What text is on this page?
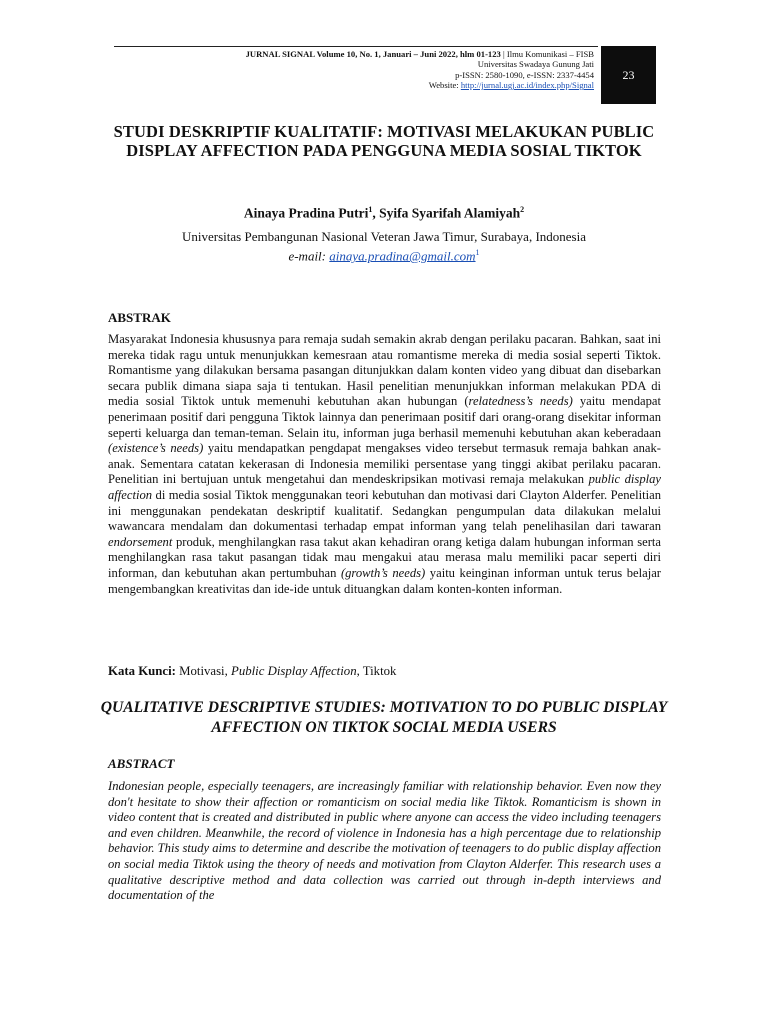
JURNAL SIGNAL Volume 10, No. 1, Januari – Juni 2022, hlm 01-123 | Ilmu Komunikasi – FISB
Universitas Swadaya Gunung Jati
p-ISSN: 2580-1090, e-ISSN: 2337-4454
Website: http://jurnal.ugj.ac.id/index.php/Signal
23
STUDI DESKRIPTIF KUALITATIF: MOTIVASI MELAKUKAN PUBLIC DISPLAY AFFECTION PADA PENGGUNA MEDIA SOSIAL TIKTOK
Ainaya Pradina Putri$^1$, Syifa Syarifah Alamiyah$^2$
Universitas Pembangunan Nasional Veteran Jawa Timur, Surabaya, Indonesia
e-mail: ainaya.pradina@gmail.com$^1$
ABSTRAK
Masyarakat Indonesia khususnya para remaja sudah semakin akrab dengan perilaku pacaran. Bahkan, saat ini mereka tidak ragu untuk menunjukkan kemesraan atau romantisme mereka di media sosial seperti Tiktok. Romantisme yang dilakukan bersama pasangan ditunjukkan dalam konten video yang dibuat dan disebarkan secara publik dimana siapa saja ti tentukan. Hasil penelitian menunjukkan informan melakukan PDA di media sosial Tiktok untuk memenuhi kebutuhan akan hubungan (relatedness’s needs) yaitu mendapat penerimaan positif dari pengguna Tiktok lainnya dan penerimaan positif dari orang-orang disekitar informan seperti keluarga dan teman-teman. Selain itu, informan juga berhasil memenuhi kebutuhan akan keberadaan (existence’s needs) yaitu mendapatkan pengdapat mengakses video tersebut termasuk remaja bahkan anak-anak. Sementara catatan kekerasan di Indonesia memiliki persentase yang tinggi akibat perilaku pacaran. Penelitian ini bertujuan untuk mengetahui dan mendeskripsikan motivasi remaja melakukan public display affection di media sosial Tiktok menggunakan teori kebutuhan dan motivasi dari Clayton Alderfer. Penelitian ini menggunakan pendekatan deskriptif kualitatif. Sedangkan pengumpulan data dilakukan melalui wawancara mendalam dan dokumentasi terhadap empat informan yang telah penelihasilan dari tawaran endorsement produk, menghilangkan rasa takut akan kehadiran orang ketiga dalam hubungan informan serta menghilangkan rasa takut pasangan tidak mau mengakui atau merasa malu memiliki pacar seperti diri informan, dan kebutuhan akan pertumbuhan (growth’s needs) yaitu keinginan informan untuk terus belajar mengembangkan kreativitas dan ide-ide untuk dituangkan dalam konten-konten informan.
Kata Kunci: Motivasi, Public Display Affection, Tiktok
QUALITATIVE DESCRIPTIVE STUDIES: MOTIVATION TO DO PUBLIC DISPLAY AFFECTION ON TIKTOK SOCIAL MEDIA USERS
ABSTRACT
Indonesian people, especially teenagers, are increasingly familiar with relationship behavior. Even now they don't hesitate to show their affection or romanticism on social media like Tiktok. Romanticism is shown in video content that is created and distributed in public where anyone can access the video including teenagers and even children. Meanwhile, the record of violence in Indonesia has a high percentage due to relationship behavior. This study aims to determine and describe the motivation of teenagers to do public display affection on social media Tiktok using the theory of needs and motivation from Clayton Alderfer. This research uses a qualitative descriptive method and data collection was carried out through in-depth interviews and documentation of the
